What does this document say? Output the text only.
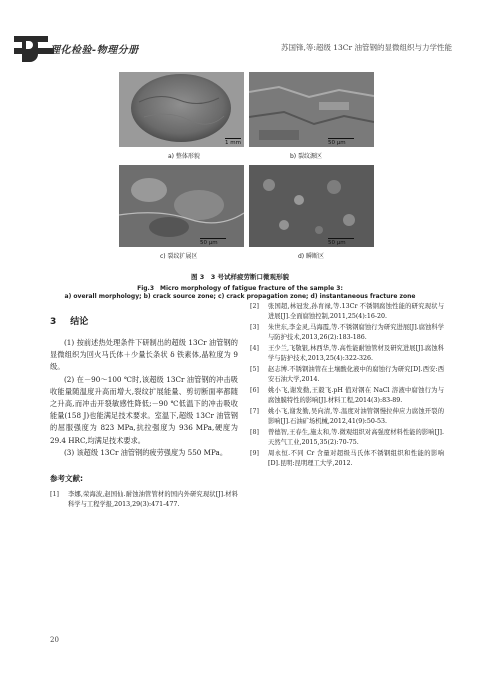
理化检验-物理分册	苏国锋,等:超级 13Cr 油管钢的显微组织与力学性能
1 mm
a) 整体形貌
50 μm
b) 裂纹源区
50 μm
c) 裂纹扩展区
50 μm
d) 瞬断区
图 3　3 号试样疲劳断口微观形貌
Fig.3　Micro morphology of fatigue fracture of the sample 3:
a) overall morphology; b) crack source zone; c) crack propagation zone; d) instantaneous fracture zone
3 结论

(1) 按前述热处理条件下研制出的超级 13Cr 油管钢的显微组织为回火马氏体＋少量长条状 δ 铁素体,晶粒度为 9 级。

(2) 在－90～100 ℃时,该超级 13Cr 油管钢的冲击吸收能量随温度升高而增大,裂纹扩展能量、剪切断面率都随之升高,而冲击开裂敏感性降低;－90 ℃低温下的冲击吸收能量(158 J)也能满足技术要求。室温下,超级 13Cr 油管钢的屈服强度为 823 MPa,抗拉强度为 936 MPa,硬度为 29.4 HRC,均满足技术要求。

(3) 该超级 13Cr 油管钢的疲劳强度为 550 MPa。

参考文献:
[1]	李娜,荣海波,赵国仙.耐蚀油管管材的国内外研究现状[J].材料科学与工程学报,2013,29(3):471-477.
[2]	张国超,林冠发,孙育禄,等.13Cr 不锈钢腐蚀性能的研究现状与进展[J].全面腐蚀控制,2011,25(4):16-20.
[3]	朱世东,李金灵,马海霞,等.不锈钢腐蚀行为研究进展[J].腐蚀科学与防护技术,2013,26(2):183-186.
[4]	王少兰,飞敬银,林西华,等.高性能耐蚀管材及研究进展[J].腐蚀科学与防护技术,2013,25(4):322-326.
[5]	赵志博.不锈钢油管在土壤酸化液中的腐蚀行为研究[D].西安:西安石油大学,2014.
[6]	姚小飞,谢发勤,王毅飞.pH 值对钢在 NaCl 溶液中腐蚀行为与腐蚀膜特性的影响[J].材料工程,2014(3):83-89.
[7]	姚小飞,谢发勤,吴向清,等.温度对油管钢慢拉伸应力腐蚀开裂的影响[J].石油矿场机械,2012,41(9):50-53.
[8]	曾德智,王春生,施太和,等.微观组织对高强度材料性能的影响[J].天然气工业,2015,35(2):70-75.
[9]	周永恒.不同 Cr 含量对超级马氏体不锈钢组织和性能的影响[D].昆明:昆明理工大学,2012.
20
